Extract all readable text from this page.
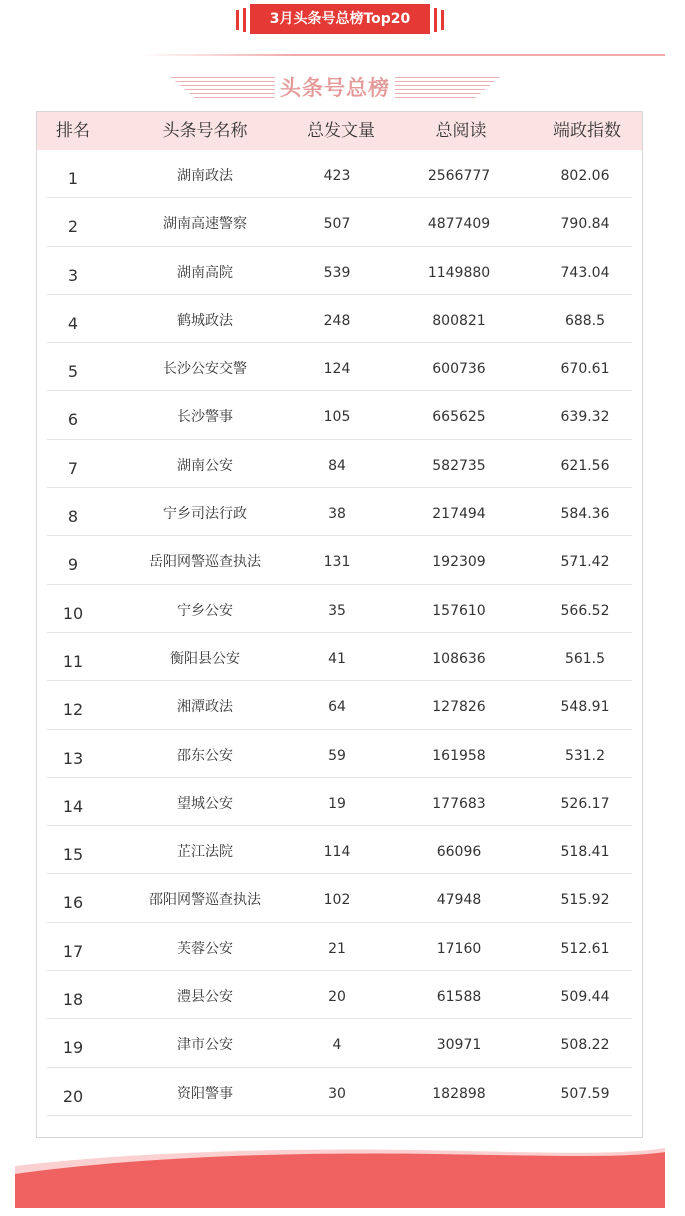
3月头条号总榜Top20
头条号总榜
排名	头条号名称	总发文量	总阅读	端政指数
1	湖南政法	423	2566777	802.06
2	湖南高速警察	507	4877409	790.84
3	湖南高院	539	1149880	743.04
4	鹤城政法	248	800821	688.5
5	长沙公安交警	124	600736	670.61
6	长沙警事	105	665625	639.32
7	湖南公安	84	582735	621.56
8	宁乡司法行政	38	217494	584.36
9	岳阳网警巡查执法	131	192309	571.42
10	宁乡公安	35	157610	566.52
11	衡阳县公安	41	108636	561.5
12	湘潭政法	64	127826	548.91
13	邵东公安	59	161958	531.2
14	望城公安	19	177683	526.17
15	芷江法院	114	66096	518.41
16	邵阳网警巡查执法	102	47948	515.92
17	芙蓉公安	21	17160	512.61
18	澧县公安	20	61588	509.44
19	津市公安	4	30971	508.22
20	资阳警事	30	182898	507.59
